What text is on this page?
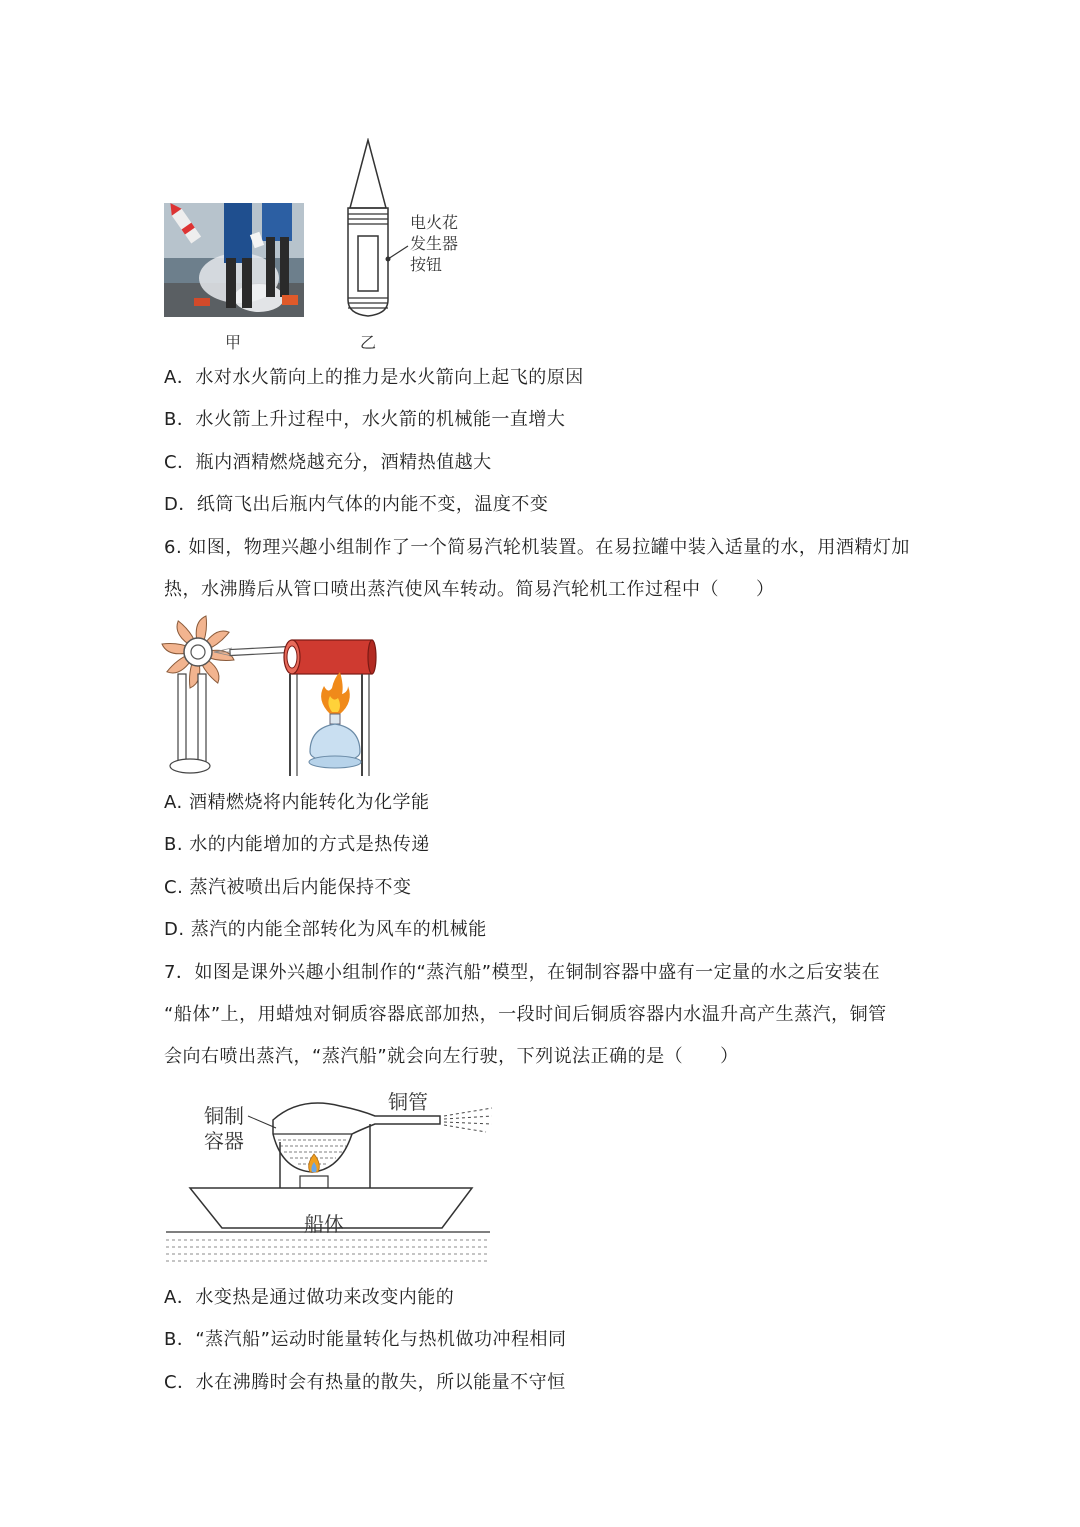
甲
电火花
发生器
按钮
乙
A．水对水火箭向上的推力是水火箭向上起飞的原因
B．水火箭上升过程中，水火箭的机械能一直增大
C．瓶内酒精燃烧越充分，酒精热值越大
D．纸筒飞出后瓶内气体的内能不变，温度不变
6. 如图，物理兴趣小组制作了一个简易汽轮机装置。在易拉罐中装入适量的水，用酒精灯加
热，水沸腾后从管口喷出蒸汽使风车转动。简易汽轮机工作过程中（　　）
A. 酒精燃烧将内能转化为化学能
B. 水的内能增加的方式是热传递
C. 蒸汽被喷出后内能保持不变
D. 蒸汽的内能全部转化为风车的机械能
7．如图是课外兴趣小组制作的“蒸汽船”模型，在铜制容器中盛有一定量的水之后安装在
“船体”上，用蜡烛对铜质容器底部加热，一段时间后铜质容器内水温升高产生蒸汽，铜管
会向右喷出蒸汽，“蒸汽船”就会向左行驶，下列说法正确的是（　　）
铜制
容器
铜管
船体
A．水变热是通过做功来改变内能的
B．“蒸汽船”运动时能量转化与热机做功冲程相同
C．水在沸腾时会有热量的散失，所以能量不守恒
